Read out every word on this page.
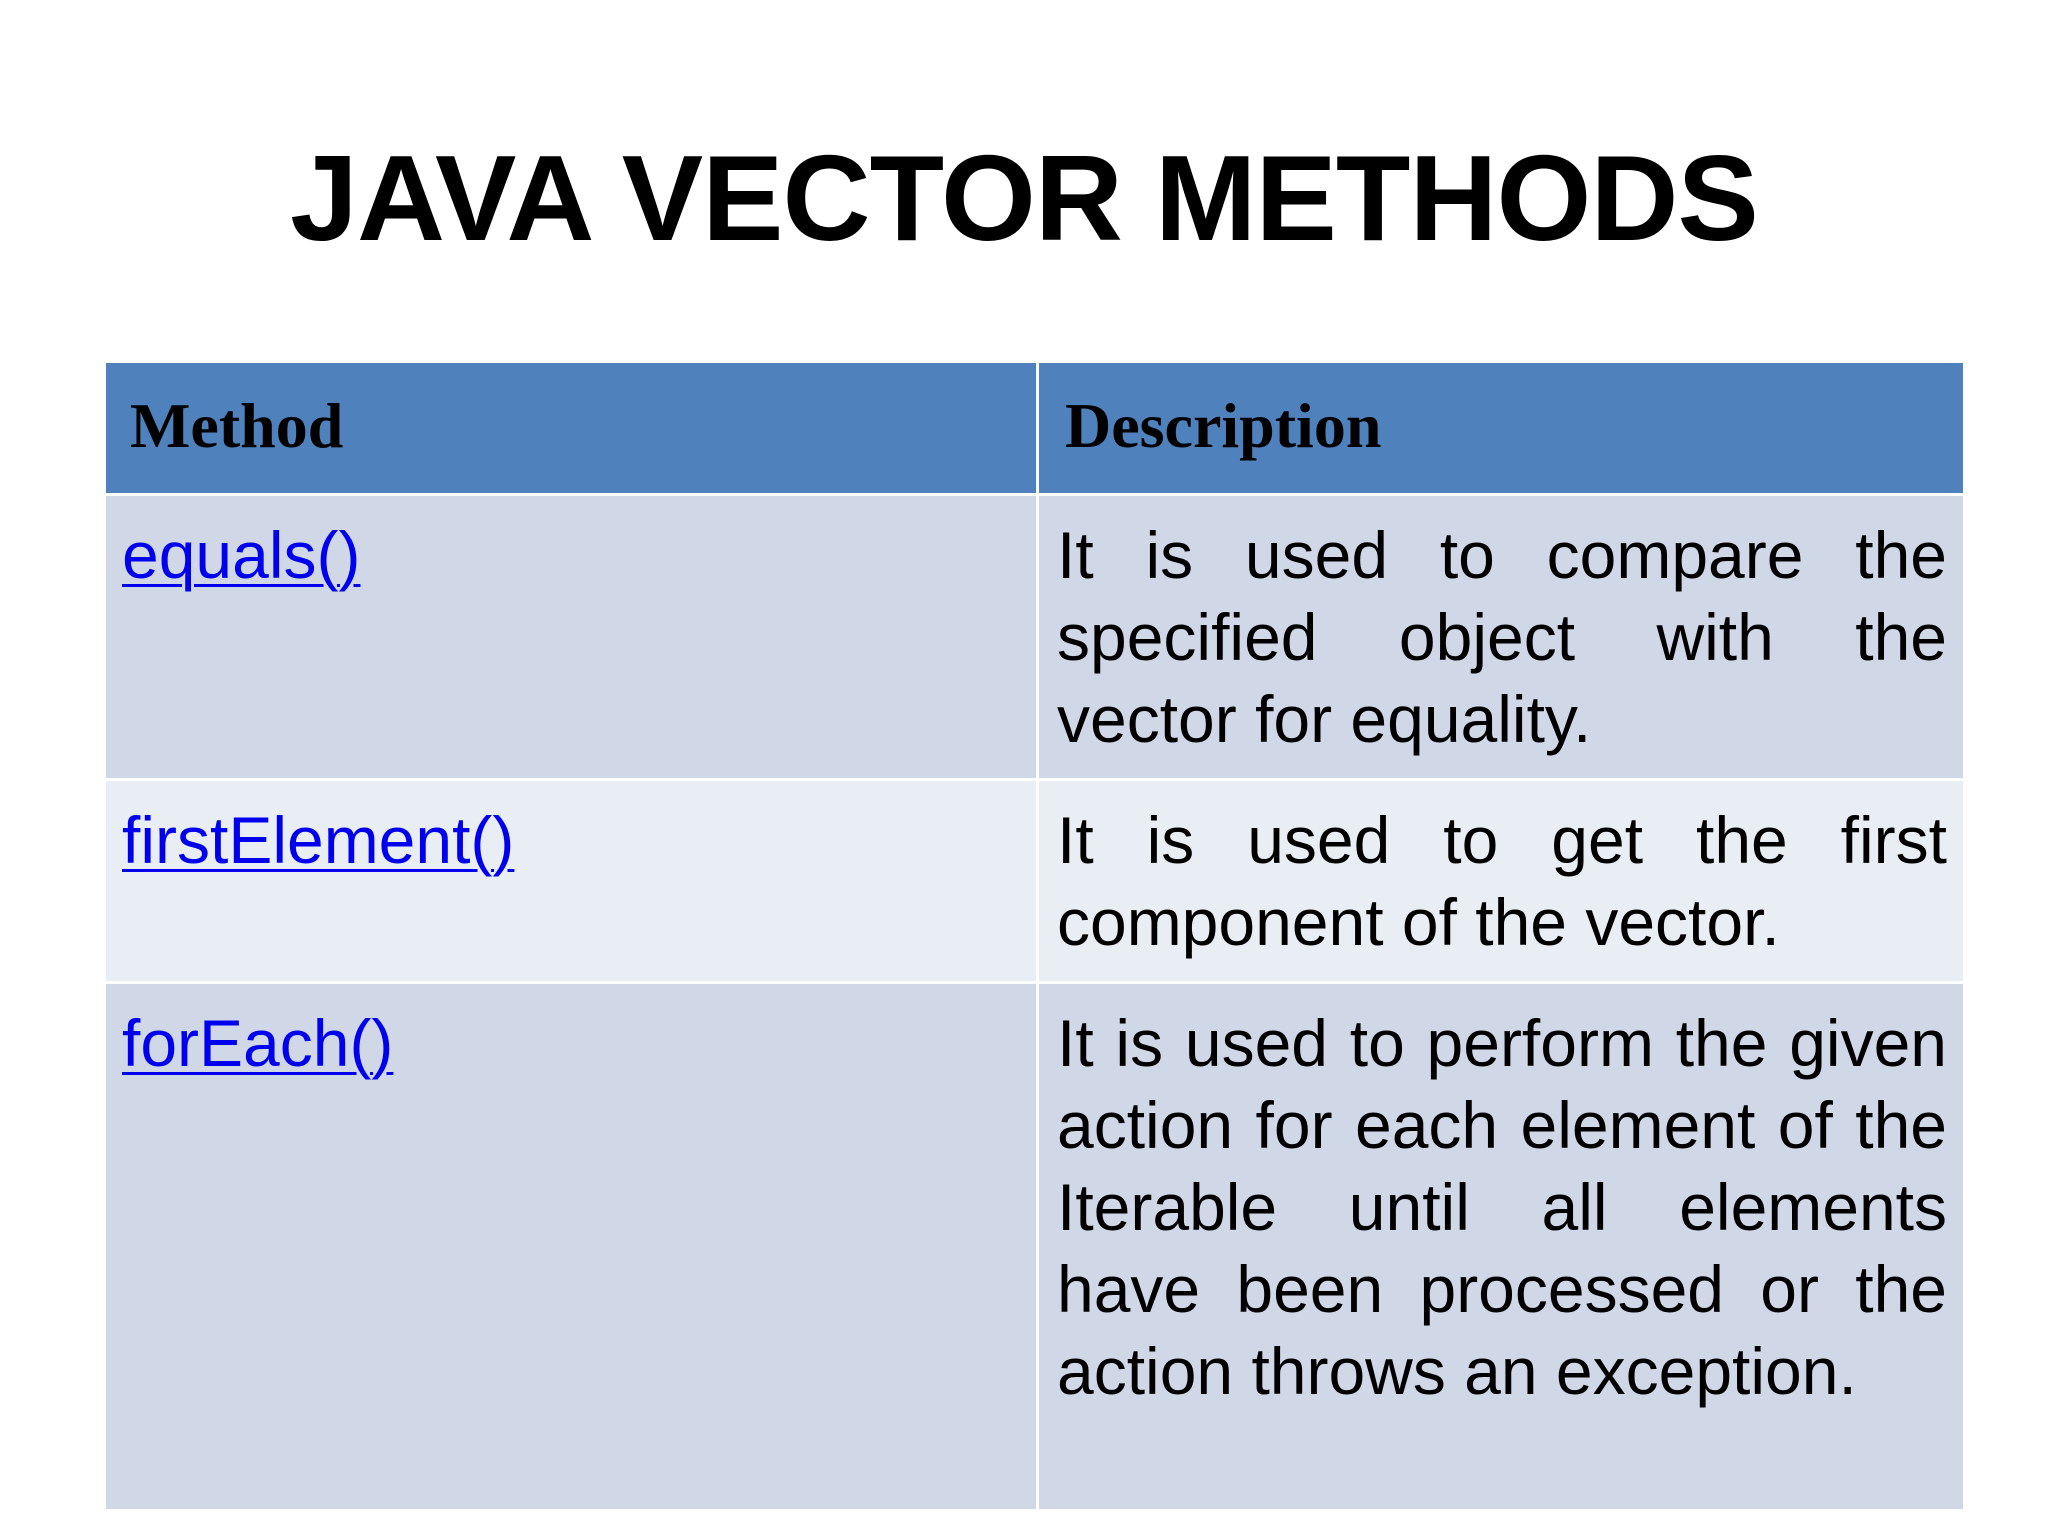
JAVA VECTOR METHODS
Method	Description
equals()	It is used to compare the specified object with the vector for equality.
firstElement()	It is used to get the first component of the vector.
forEach()	It is used to perform the given action for each element of the Iterable until all elements have been processed or the action throws an exception.
